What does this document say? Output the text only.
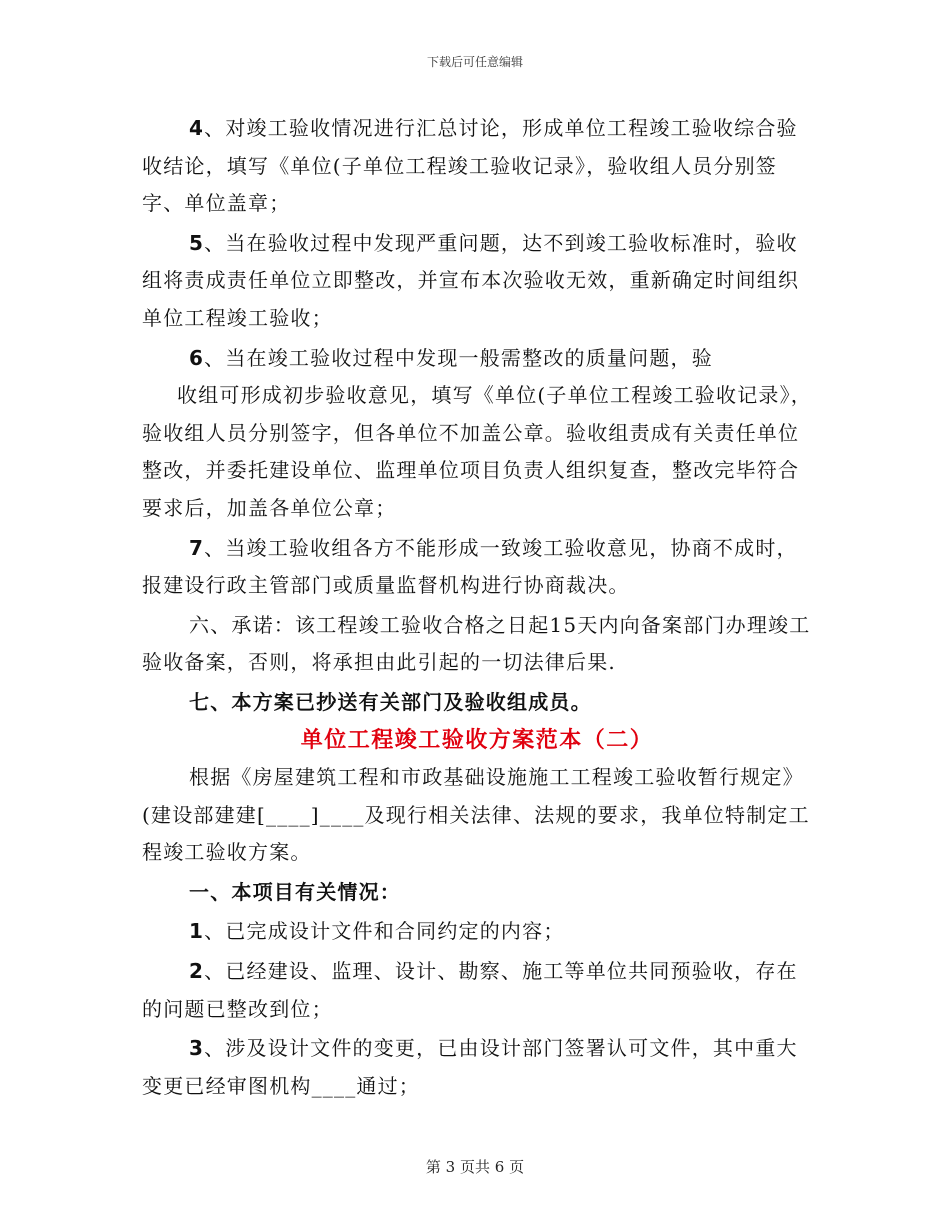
下载后可任意编辑

4、对竣工验收情况进行汇总讨论，形成单位工程竣工验收综合验收结论，填写《单位(子单位工程竣工验收记录》，验收组人员分别签字、单位盖章；

5、当在验收过程中发现严重问题，达不到竣工验收标准时，验收组将责成责任单位立即整改，并宣布本次验收无效，重新确定时间组织单位工程竣工验收；

6、当在竣工验收过程中发现一般需整改的质量问题，验

收组可形成初步验收意见，填写《单位(子单位工程竣工验收记录》，验收组人员分别签字，但各单位不加盖公章。验收组责成有关责任单位整改，并委托建设单位、监理单位项目负责人组织复查，整改完毕符合要求后，加盖各单位公章；

7、当竣工验收组各方不能形成一致竣工验收意见，协商不成时，报建设行政主管部门或质量监督机构进行协商裁决。

六、承诺：该工程竣工验收合格之日起15天内向备案部门办理竣工验收备案，否则，将承担由此引起的一切法律后果.

七、本方案已抄送有关部门及验收组成员。

单位工程竣工验收方案范本（二）

根据《房屋建筑工程和市政基础设施施工工程竣工验收暂行规定》(建设部建建[____]____及现行相关法律、法规的要求，我单位特制定工程竣工验收方案。

一、本项目有关情况：

1、已完成设计文件和合同约定的内容；

2、已经建设、监理、设计、勘察、施工等单位共同预验收，存在的问题已整改到位；

3、涉及设计文件的变更，已由设计部门签署认可文件，其中重大变更已经审图机构____通过；

第 3 页共 6 页
